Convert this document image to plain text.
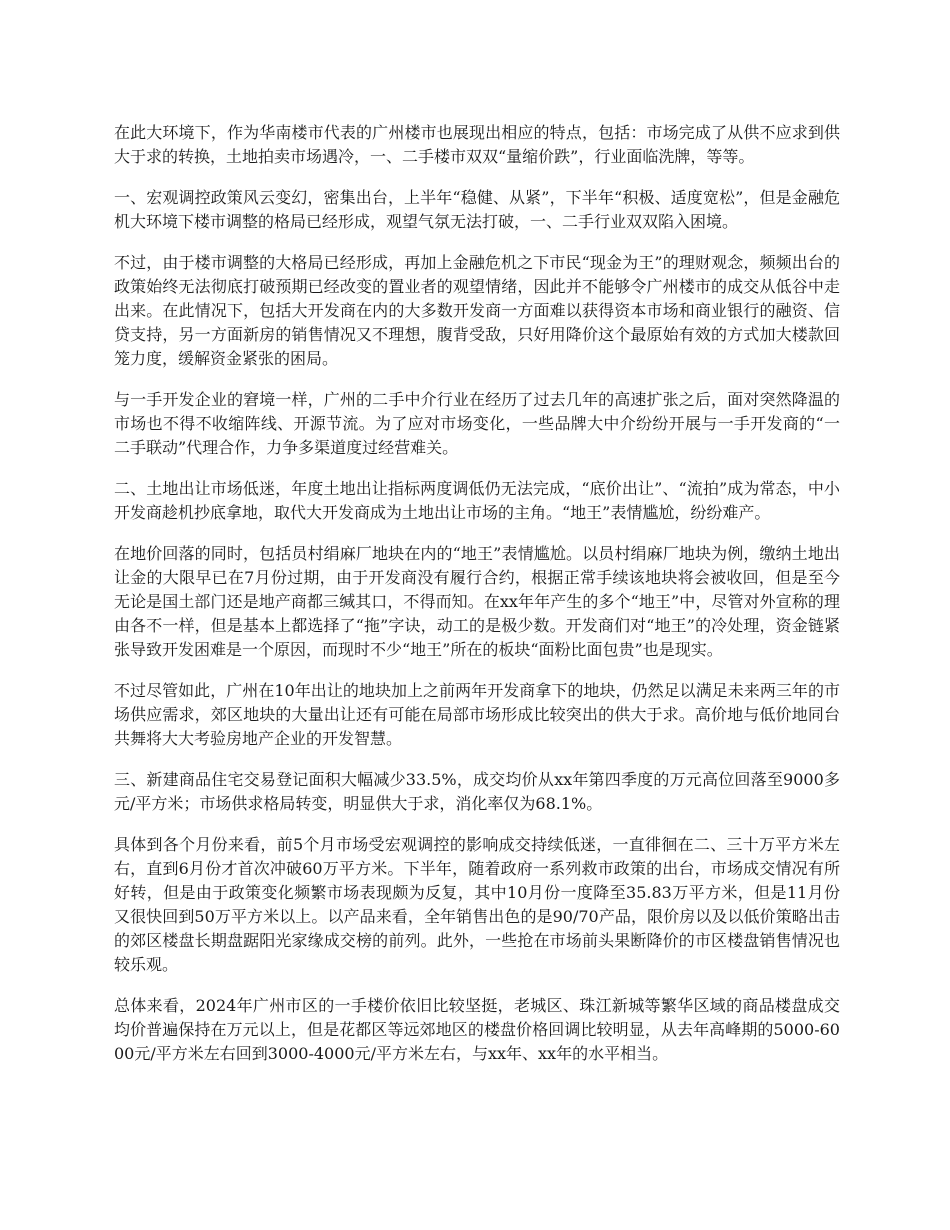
在此大环境下，作为华南楼市代表的广州楼市也展现出相应的特点，包括：市场完成了从供不应求到供大于求的转换，土地拍卖市场遇冷，一、二手楼市双双“量缩价跌”，行业面临洗牌，等等。

一、宏观调控政策风云变幻，密集出台，上半年“稳健、从紧”，下半年“积极、适度宽松”，但是金融危机大环境下楼市调整的格局已经形成，观望气氛无法打破，一、二手行业双双陷入困境。

不过，由于楼市调整的大格局已经形成，再加上金融危机之下市民“现金为王”的理财观念，频频出台的政策始终无法彻底打破预期已经改变的置业者的观望情绪，因此并不能够令广州楼市的成交从低谷中走出来。在此情况下，包括大开发商在内的大多数开发商一方面难以获得资本市场和商业银行的融资、信贷支持，另一方面新房的销售情况又不理想，腹背受敌，只好用降价这个最原始有效的方式加大楼款回笼力度，缓解资金紧张的困局。

与一手开发企业的窘境一样，广州的二手中介行业在经历了过去几年的高速扩张之后，面对突然降温的市场也不得不收缩阵线、开源节流。为了应对市场变化，一些品牌大中介纷纷开展与一手开发商的“一二手联动”代理合作，力争多渠道度过经营难关。

二、土地出让市场低迷，年度土地出让指标两度调低仍无法完成，“底价出让”、“流拍”成为常态，中小开发商趁机抄底拿地，取代大开发商成为土地出让市场的主角。“地王”表情尴尬，纷纷难产。

在地价回落的同时，包括员村绢麻厂地块在内的“地王”表情尴尬。以员村绢麻厂地块为例，缴纳土地出让金的大限早已在7月份过期，由于开发商没有履行合约，根据正常手续该地块将会被收回，但是至今无论是国土部门还是地产商都三缄其口，不得而知。在xx年年产生的多个“地王”中，尽管对外宣称的理由各不一样，但是基本上都选择了“拖”字诀，动工的是极少数。开发商们对“地王”的冷处理，资金链紧张导致开发困难是一个原因，而现时不少“地王”所在的板块“面粉比面包贵”也是现实。

不过尽管如此，广州在10年出让的地块加上之前两年开发商拿下的地块，仍然足以满足未来两三年的市场供应需求，郊区地块的大量出让还有可能在局部市场形成比较突出的供大于求。高价地与低价地同台共舞将大大考验房地产企业的开发智慧。

三、新建商品住宅交易登记面积大幅减少33.5%，成交均价从xx年第四季度的万元高位回落至9000多元/平方米；市场供求格局转变，明显供大于求，消化率仅为68.1%。

具体到各个月份来看，前5个月市场受宏观调控的影响成交持续低迷，一直徘徊在二、三十万平方米左右，直到6月份才首次冲破60万平方米。下半年，随着政府一系列救市政策的出台，市场成交情况有所好转，但是由于政策变化频繁市场表现颇为反复，其中10月份一度降至35.83万平方米，但是11月份又很快回到50万平方米以上。以产品来看，全年销售出色的是90/70产品，限价房以及以低价策略出击的郊区楼盘长期盘踞阳光家缘成交榜的前列。此外，一些抢在市场前头果断降价的市区楼盘销售情况也较乐观。

总体来看，2024年广州市区的一手楼价依旧比较坚挺，老城区、珠江新城等繁华区域的商品楼盘成交均价普遍保持在万元以上，但是花都区等远郊地区的楼盘价格回调比较明显，从去年高峰期的5000-6000元/平方米左右回到3000-4000元/平方米左右，与xx年、xx年的水平相当。
